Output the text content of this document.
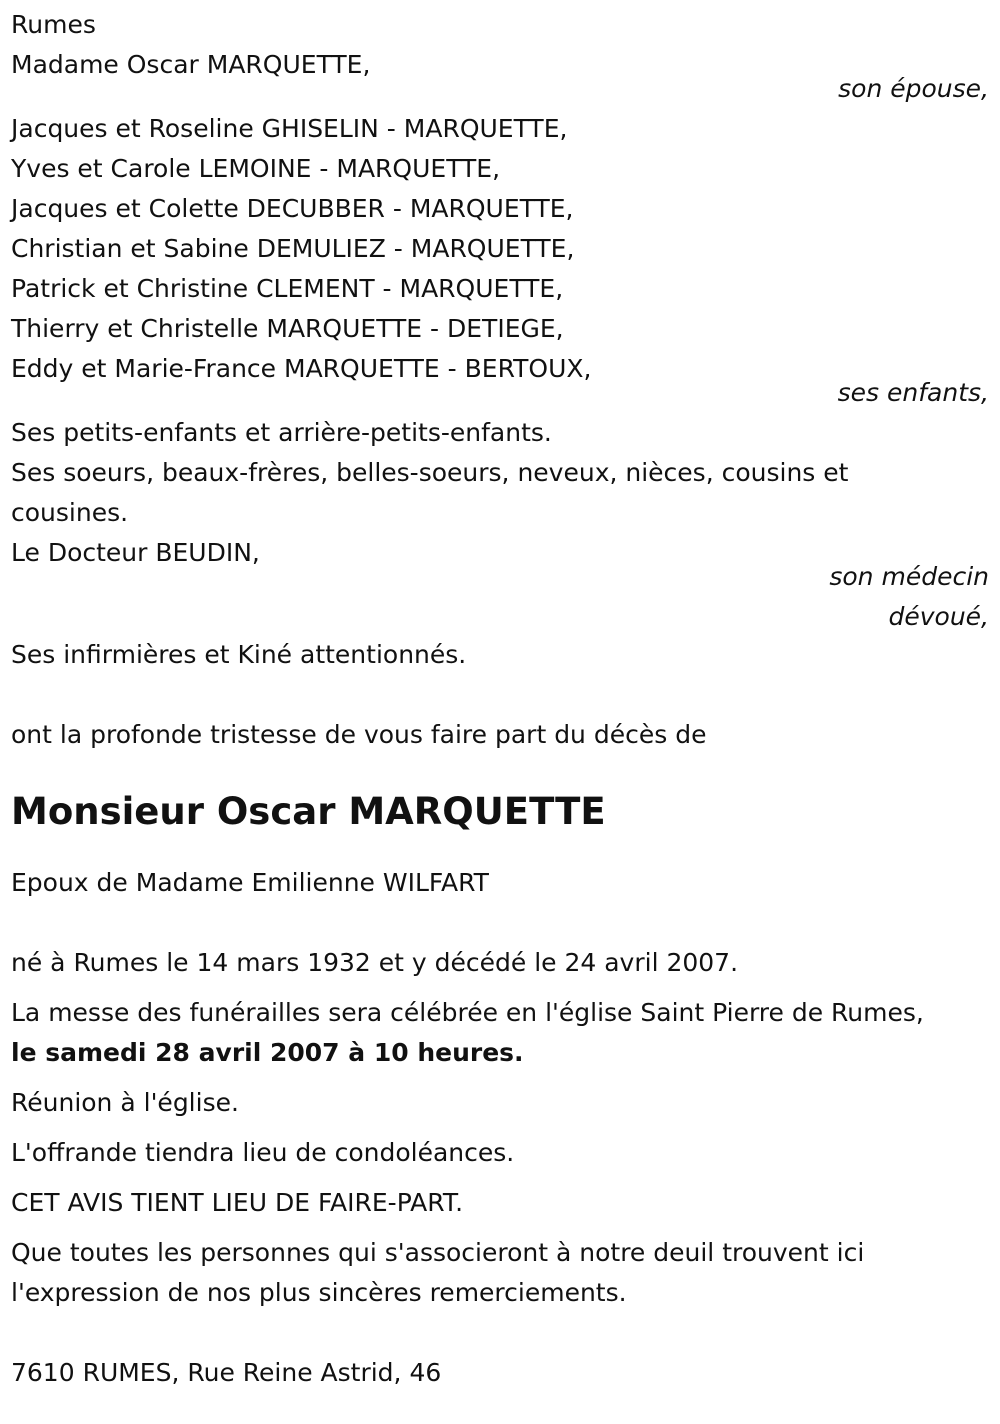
Rumes
Madame Oscar MARQUETTE,
son épouse,
Jacques et Roseline GHISELIN - MARQUETTE,
Yves et Carole LEMOINE - MARQUETTE,
Jacques et Colette DECUBBER - MARQUETTE,
Christian et Sabine DEMULIEZ - MARQUETTE,
Patrick et Christine CLEMENT - MARQUETTE,
Thierry et Christelle MARQUETTE - DETIEGE,
Eddy et Marie-France MARQUETTE - BERTOUX,
ses enfants,
Ses petits-enfants et arrière-petits-enfants.
Ses soeurs, beaux-frères, belles-soeurs, neveux, nièces, cousins et
cousines.
Le Docteur BEUDIN,
son médecin
dévoué,
Ses infirmières et Kiné attentionnés.
ont la profonde tristesse de vous faire part du décès de
Monsieur Oscar MARQUETTE
Epoux de Madame Emilienne WILFART
né à Rumes le 14 mars 1932 et y décédé le 24 avril 2007.
La messe des funérailles sera célébrée en l'église Saint Pierre de Rumes,
le samedi 28 avril 2007 à 10 heures.
Réunion à l'église.
L'offrande tiendra lieu de condoléances.
CET AVIS TIENT LIEU DE FAIRE-PART.
Que toutes les personnes qui s'associeront à notre deuil trouvent ici
l'expression de nos plus sincères remerciements.
7610 RUMES, Rue Reine Astrid, 46
